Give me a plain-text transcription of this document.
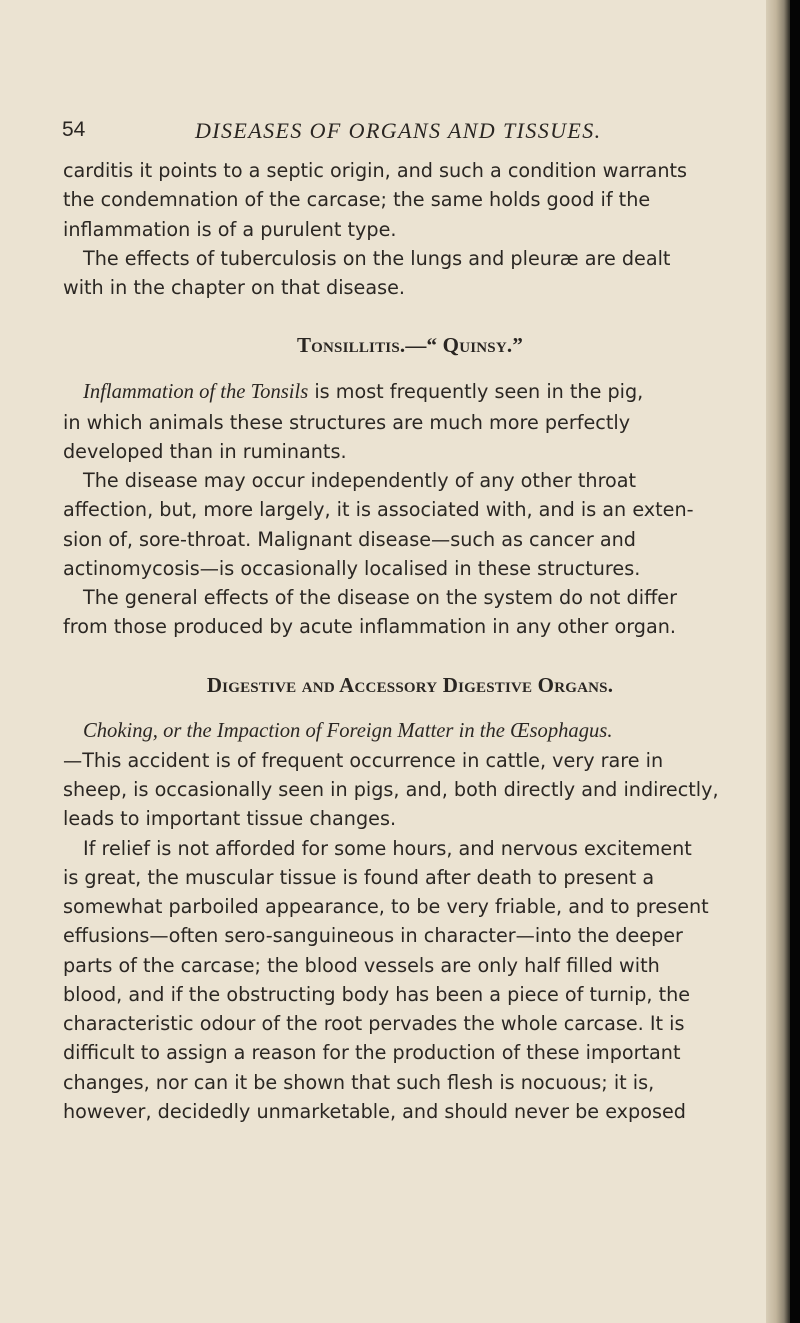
54	DISEASES OF ORGANS AND TISSUES.

carditis it points to a septic origin, and such a condition warrants
the condemnation of the carcase; the same holds good if the
inflammation is of a purulent type.

The effects of tuberculosis on the lungs and pleuræ are dealt
with in the chapter on that disease.

Tonsillitis.—“ Quinsy.”

Inflammation of the Tonsils is most frequently seen in the pig,
in which animals these structures are much more perfectly
developed than in ruminants.

The disease may occur independently of any other throat
affection, but, more largely, it is associated with, and is an exten-
sion of, sore-throat. Malignant disease—such as cancer and
actinomycosis—is occasionally localised in these structures.

The general effects of the disease on the system do not differ
from those produced by acute inflammation in any other organ.

Digestive and Accessory Digestive Organs.

Choking, or the Impaction of Foreign Matter in the Œsophagus.
—This accident is of frequent occurrence in cattle, very rare in
sheep, is occasionally seen in pigs, and, both directly and indirectly,
leads to important tissue changes.

If relief is not afforded for some hours, and nervous excitement
is great, the muscular tissue is found after death to present a
somewhat parboiled appearance, to be very friable, and to present
effusions—often sero-sanguineous in character—into the deeper
parts of the carcase; the blood vessels are only half filled with
blood, and if the obstructing body has been a piece of turnip, the
characteristic odour of the root pervades the whole carcase. It is
difficult to assign a reason for the production of these important
changes, nor can it be shown that such flesh is nocuous; it is,
however, decidedly unmarketable, and should never be exposed
